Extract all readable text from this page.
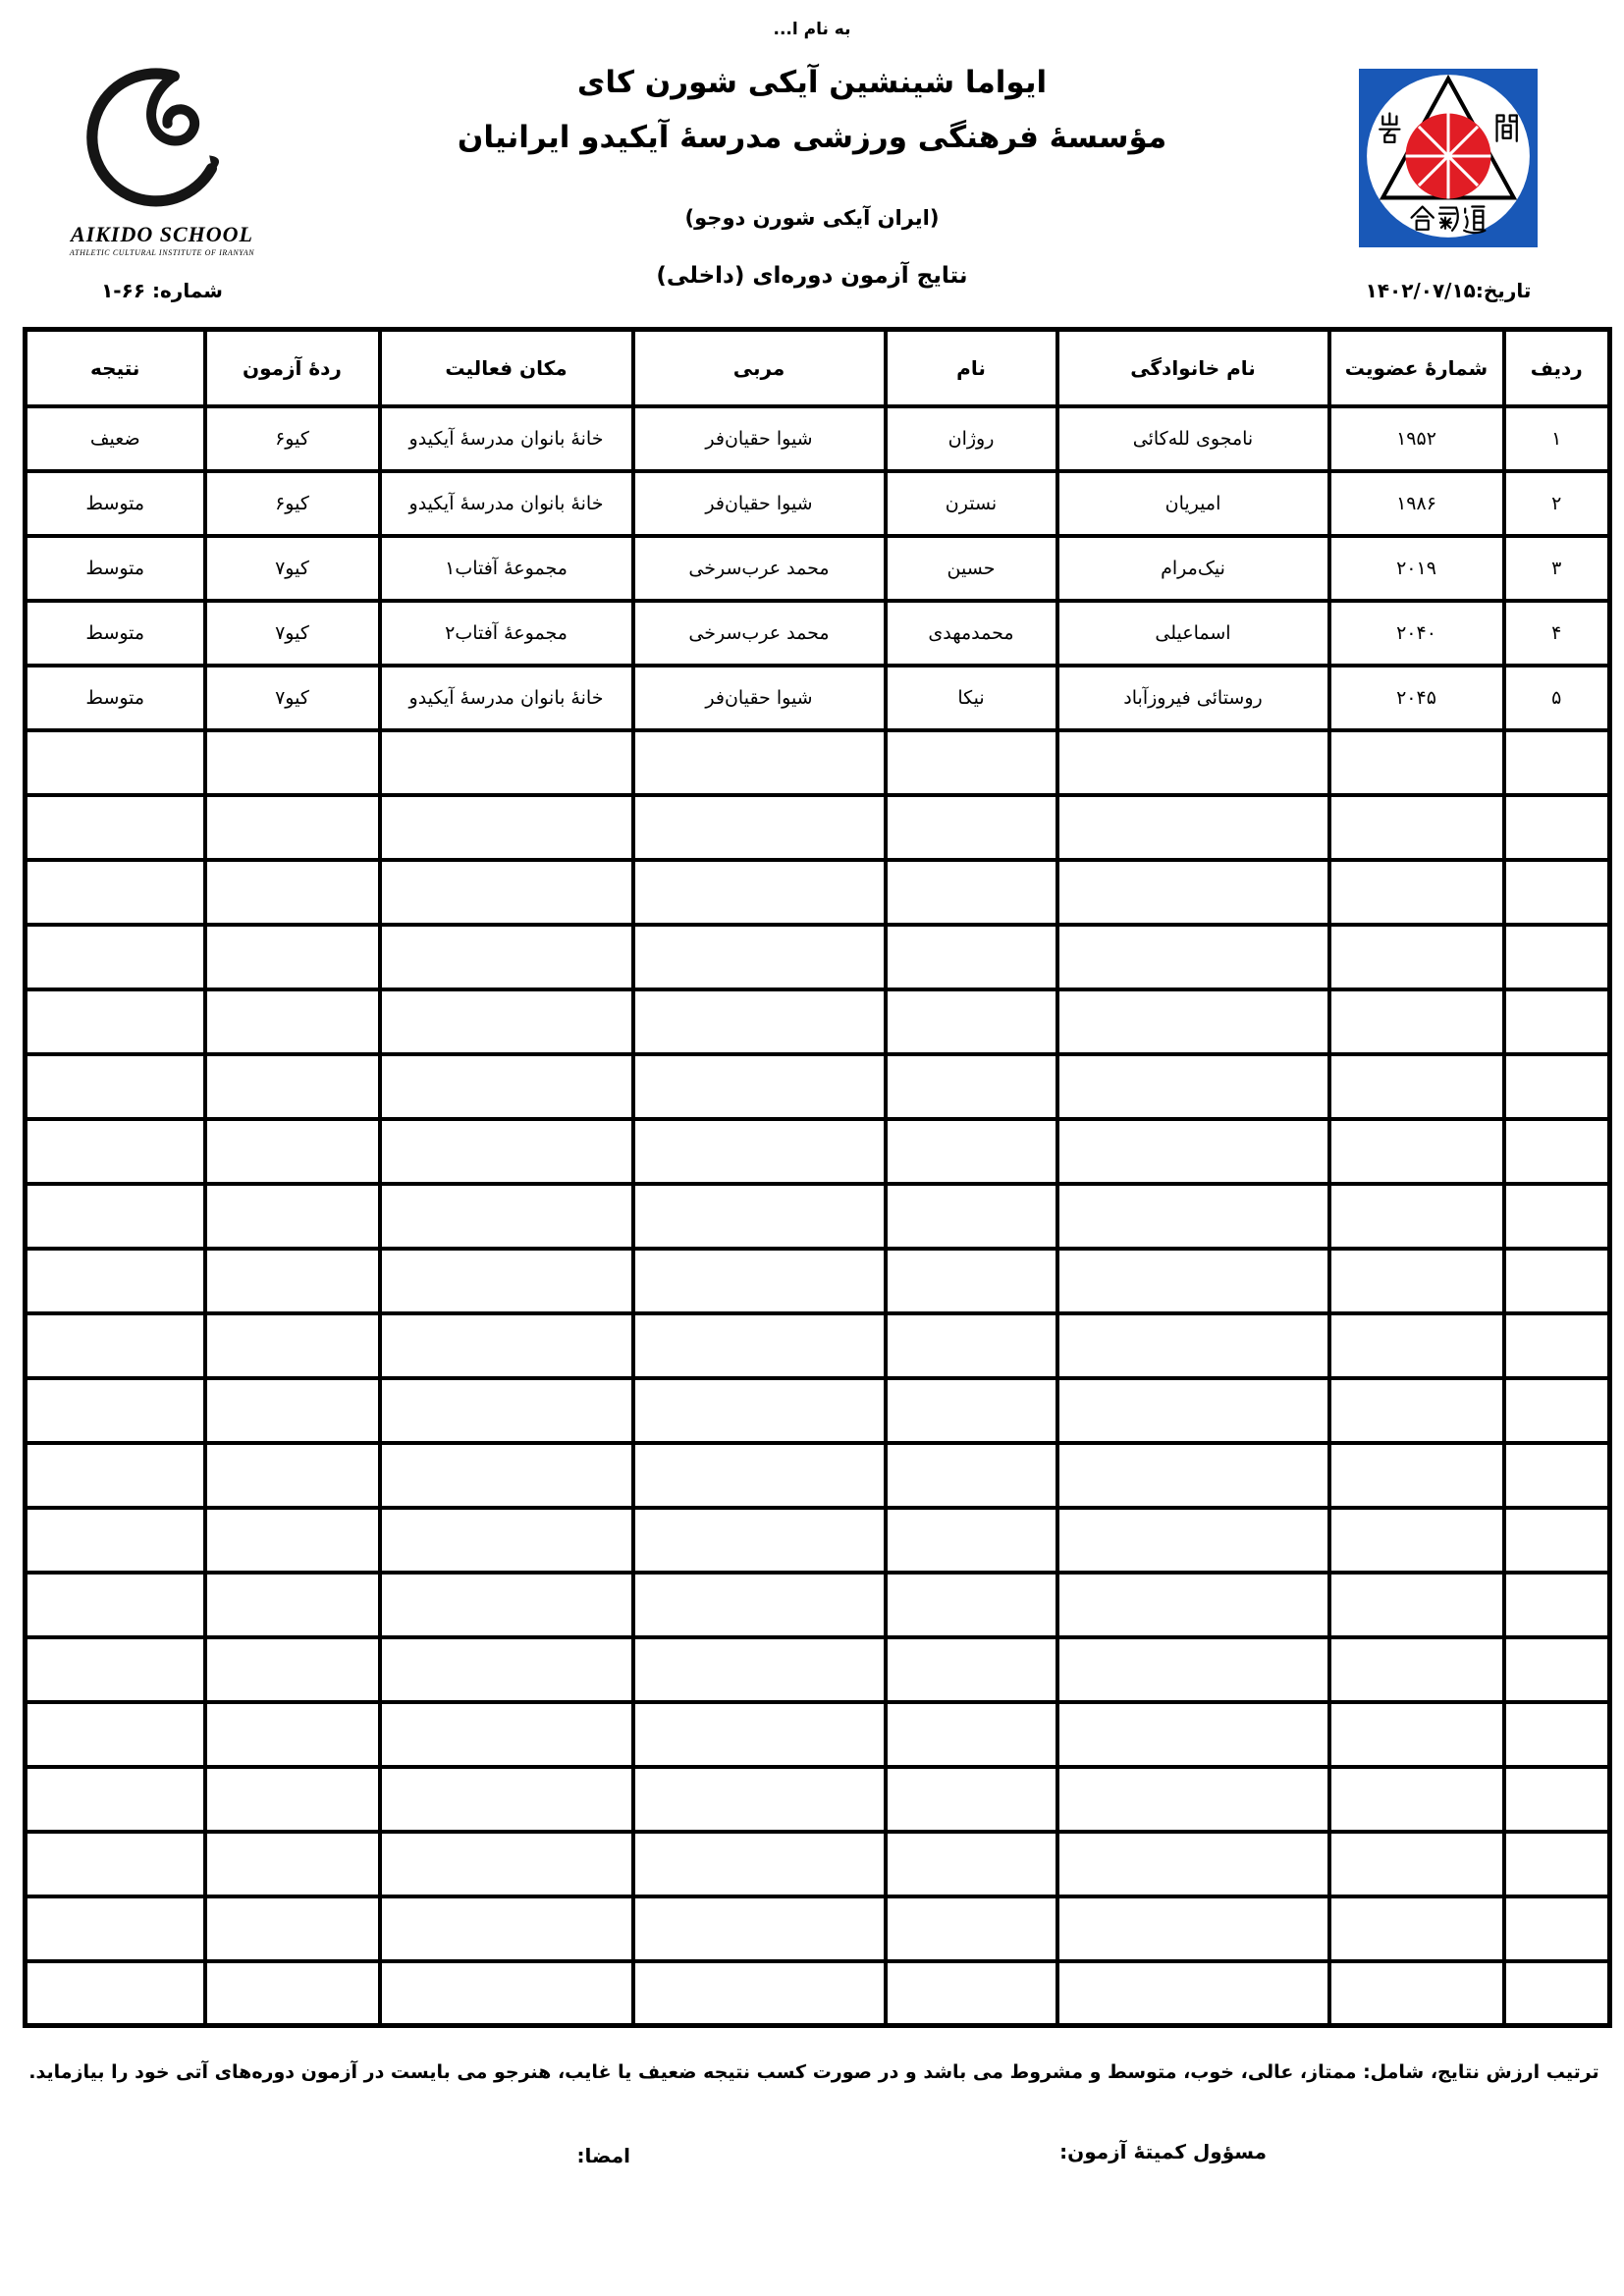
به نام ا...
ایواما شینشین آیکی شورن کای
مؤسسۀ فرهنگی ورزشی مدرسۀ آیکیدو ایرانیان
(ایران آیکی شورن دوجو)
نتایج آزمون دوره‌ای (داخلی)
AIKIDO SCHOOL
ATHLETIC CULTURAL INSTITUTE OF IRANYAN
شماره: ۶۶-۱	تاریخ:۱۴۰۲/۰۷/۱۵
ردیف	شمارۀ عضویت	نام خانوادگی	نام	مربی	مکان فعالیت	ردۀ آزمون	نتیجه
۱	۱۹۵۲	نامجوی لله‌کائی	روژان	شیوا حقیان‌فر	خانۀ بانوان مدرسۀ آیکیدو	کیو۶	ضعیف
۲	۱۹۸۶	امیریان	نسترن	شیوا حقیان‌فر	خانۀ بانوان مدرسۀ آیکیدو	کیو۶	متوسط
۳	۲۰۱۹	نیک‌مرام	حسین	محمد عرب‌سرخی	مجموعۀ آفتاب۱	کیو۷	متوسط
۴	۲۰۴۰	اسماعیلی	محمدمهدی	محمد عرب‌سرخی	مجموعۀ آفتاب۲	کیو۷	متوسط
۵	۲۰۴۵	روستائی فیروزآباد	نیکا	شیوا حقیان‌فر	خانۀ بانوان مدرسۀ آیکیدو	کیو۷	متوسط

ترتیب ارزش نتایج، شامل: ممتاز، عالی، خوب، متوسط و مشروط می باشد و در صورت کسب نتیجه ضعیف یا غایب، هنرجو می بایست در آزمون دوره‌های آتی خود را بیازماید.
مسؤول کمیتۀ آزمون:
امضا:
